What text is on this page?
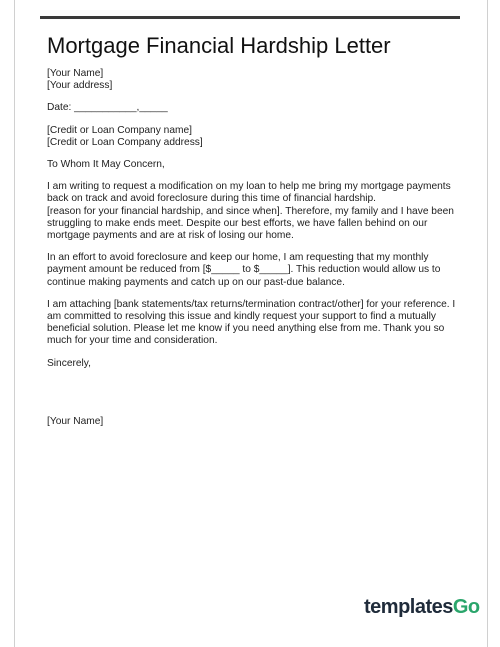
Mortgage Financial Hardship Letter
[Your Name]
[Your address]
Date: ___________,_____
[Credit or Loan Company name]
[Credit or Loan Company address]
To Whom It May Concern,
I am writing to request a modification on my loan to help me bring my mortgage payments
back on track and avoid foreclosure during this time of financial hardship.
[reason for your financial hardship, and since when]. Therefore, my family and I have been
struggling to make ends meet. Despite our best efforts, we have fallen behind on our
mortgage payments and are at risk of losing our home.
In an effort to avoid foreclosure and keep our home, I am requesting that my monthly
payment amount be reduced from [$_____ to $_____]. This reduction would allow us to
continue making payments and catch up on our past-due balance.
I am attaching [bank statements/tax returns/termination contract/other] for your reference. I
am committed to resolving this issue and kindly request your support to find a mutually
beneficial solution. Please let me know if you need anything else from me. Thank you so
much for your time and consideration.
Sincerely,
[Your Name]
templatesGo
